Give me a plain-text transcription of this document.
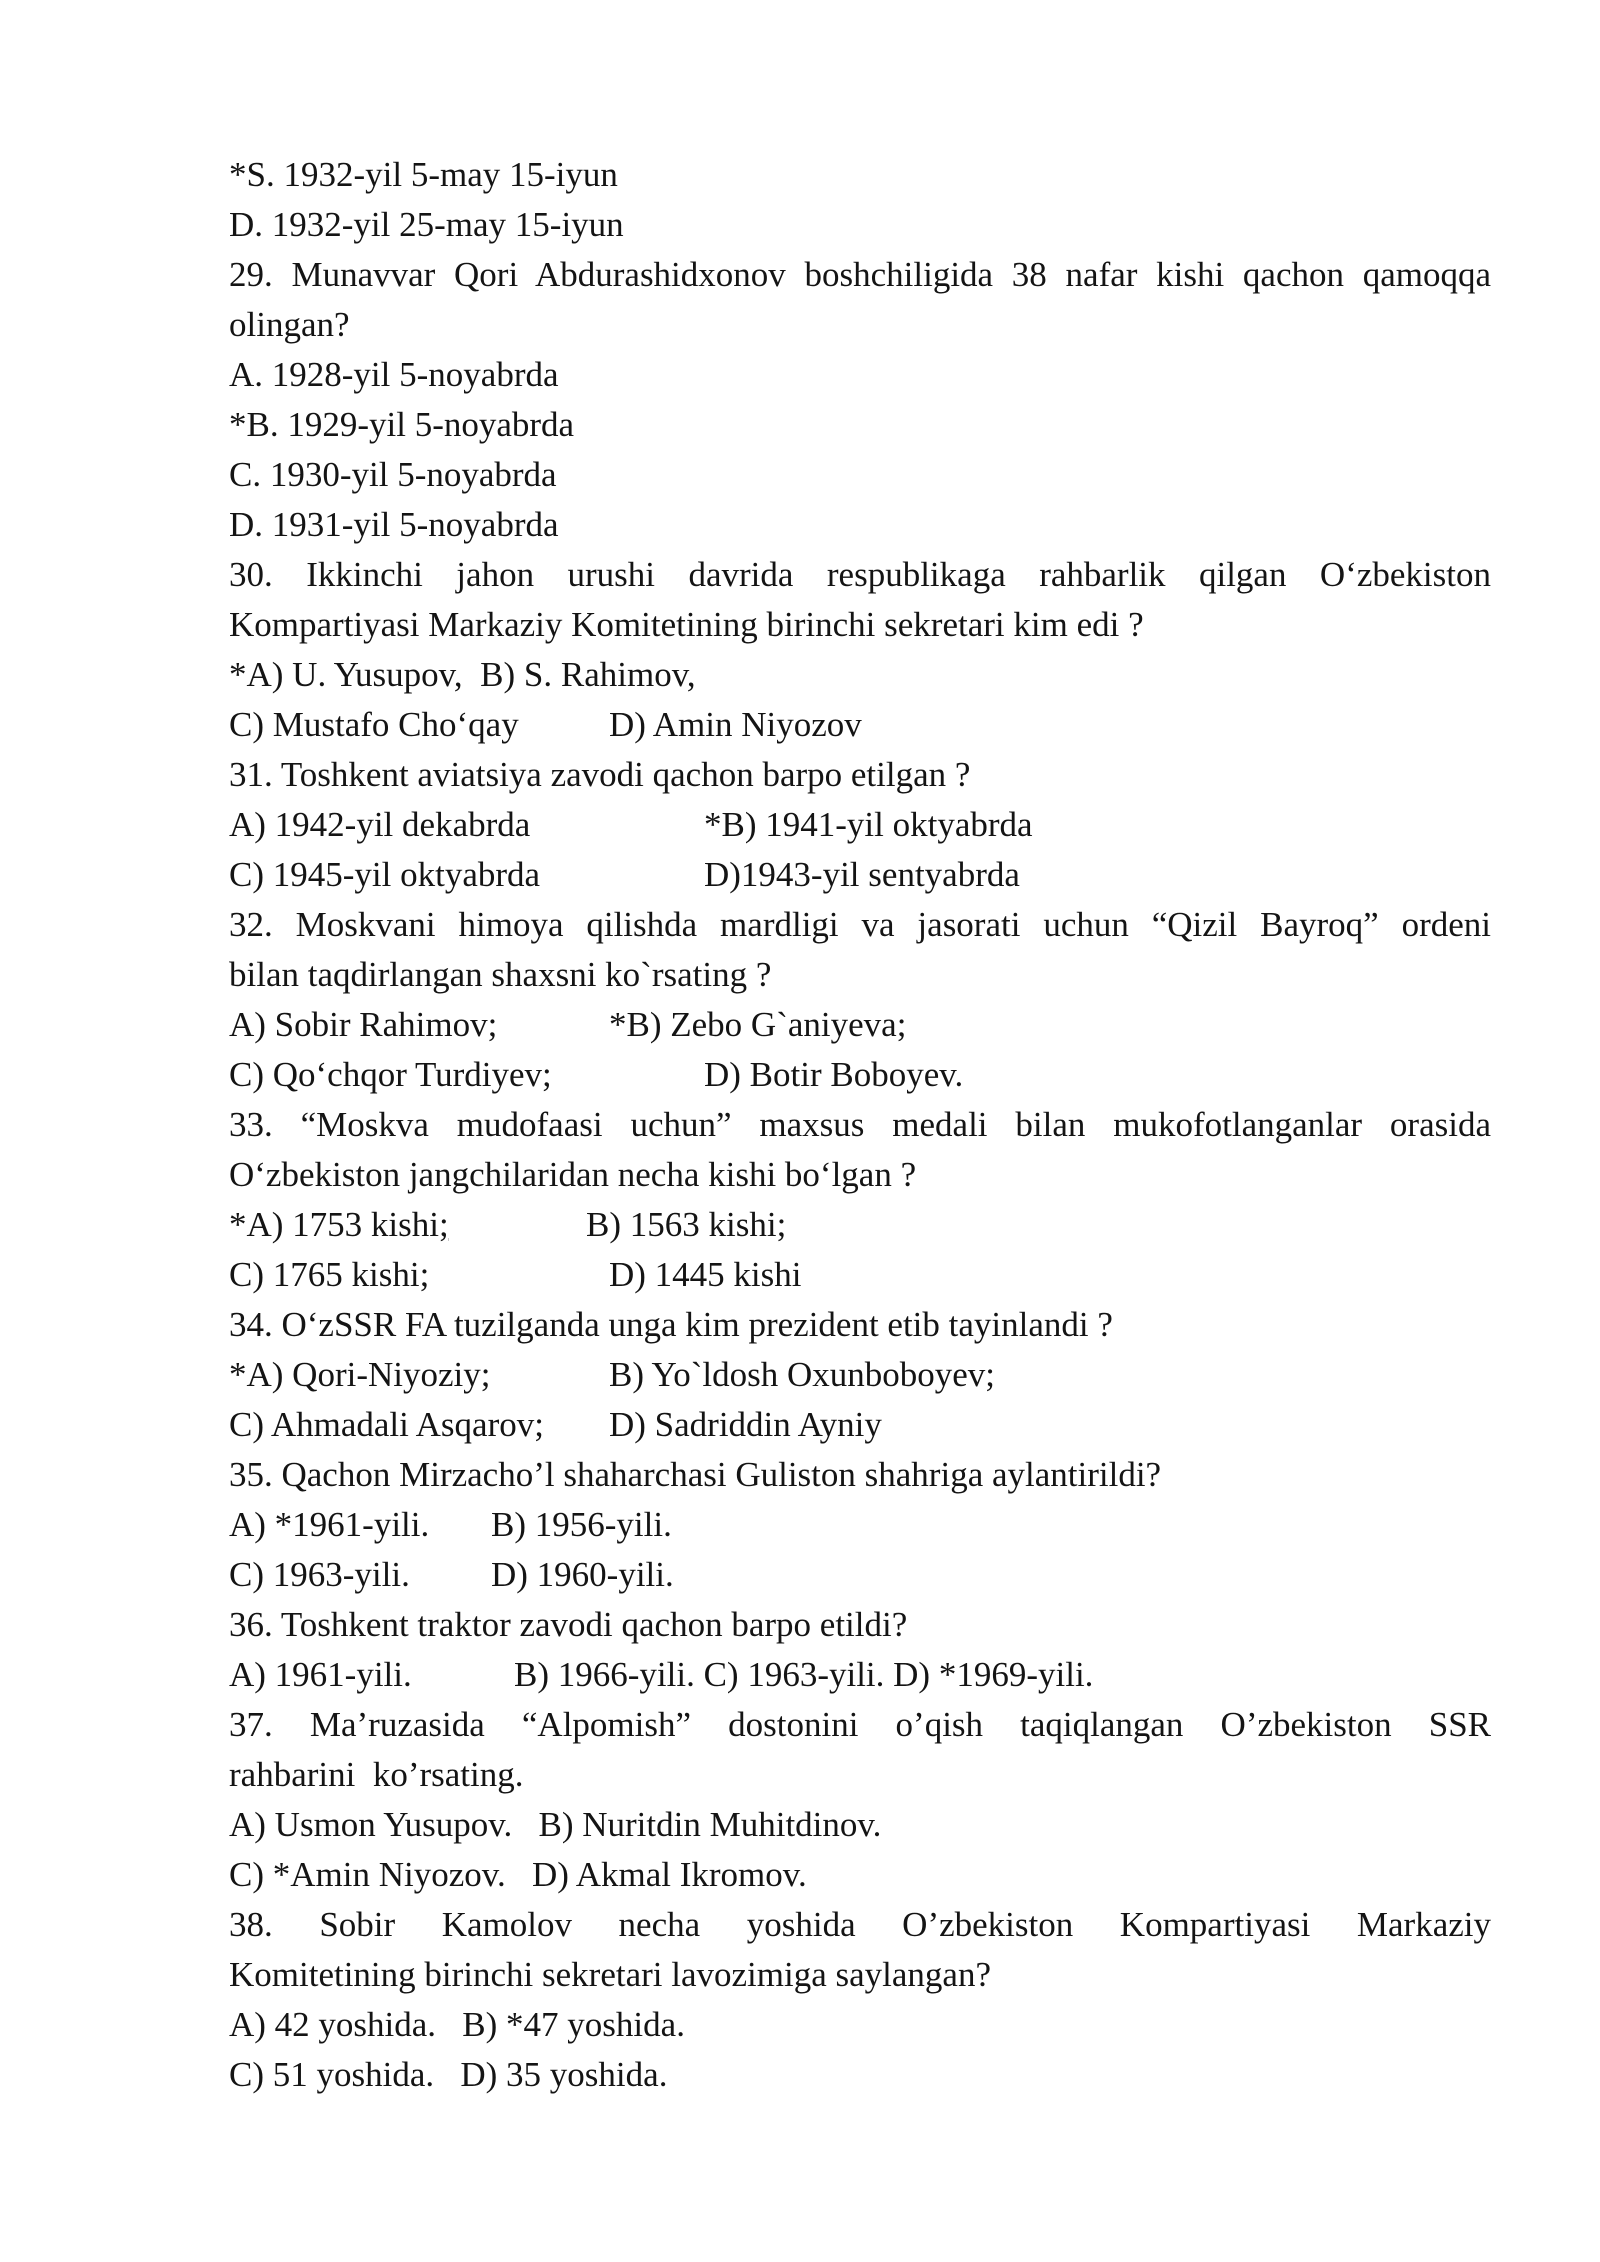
*S. 1932-yil 5-may 15-iyun
D. 1932-yil 25-may 15-iyun
29. Munavvar Qori Abdurashidxonov boshchiligida 38 nafar kishi qachon qamoqqa
olingan?
A. 1928-yil 5-noyabrda
*B. 1929-yil 5-noyabrda
C. 1930-yil 5-noyabrda
D. 1931-yil 5-noyabrda
30. Ikkinchi jahon urushi davrida respublikaga rahbarlik qilgan O‘zbekiston
Kompartiyasi Markaziy Komitetining birinchi sekretari kim edi ?
*A) U. Yusupov,  B) S. Rahimov,
C) Mustafo Cho‘qay	D) Amin Niyozov
31. Toshkent aviatsiya zavodi qachon barpo etilgan ?
A) 1942-yil dekabrda	*B) 1941-yil oktyabrda
C) 1945-yil oktyabrda	D)1943-yil sentyabrda
32. Moskvani himoya qilishda mardligi va jasorati uchun “Qizil Bayroq” ordeni
bilan taqdirlangan shaxsni ko`rsating ?
A) Sobir Rahimov;	*B) Zebo G`aniyeva ;
C) Qo‘chqor Turdiyev;	D) Botir Boboyev.
33. “Moskva mudofaasi uchun” maxsus medali bilan mukofotlanganlar orasida
O‘zbekiston jangchilaridan necha kishi bo‘lgan ?
*A) 1753 kishi ;	B) 1563 kishi;
C) 1765 kishi;	D) 1445 kishi
34. O‘zSSR FA tuzilganda unga kim prezident etib tayinlandi ?
*A) Qori-Niyoziy;	B) Yo`ldosh Oxunboboyev;
C) Ahmadali Asqarov;	D) Sadriddin Ayniy
35. Qachon Mirzacho’l shaharchasi Guliston shahriga aylantirildi?
A) *1961-yili.	B) 1956-yili.
C) 1963-yili.	D) 1960-yili.
36. Toshkent traktor zavodi qachon barpo etildi?
A) 1961-yili.	B) 1966-yili. C) 1963-yili. D) *1969-yili.
37. Ma’ruzasida “Alpomish” dostonini o’qish taqiqlangan O’zbekiston SSR
rahbarini  ko’rsating.
A) Usmon Yusupov.   B) Nuritdin Muhitdinov.
C) *Amin Niyozov.   D) Akmal Ikromov.
38. Sobir Kamolov necha yoshida O’zbekiston Kompartiyasi Markaziy
Komitetining birinchi sekretari lavozimiga saylangan?
A) 42 yoshida.   B) *47 yoshida.
C) 51 yoshida.   D) 35 yoshida.
